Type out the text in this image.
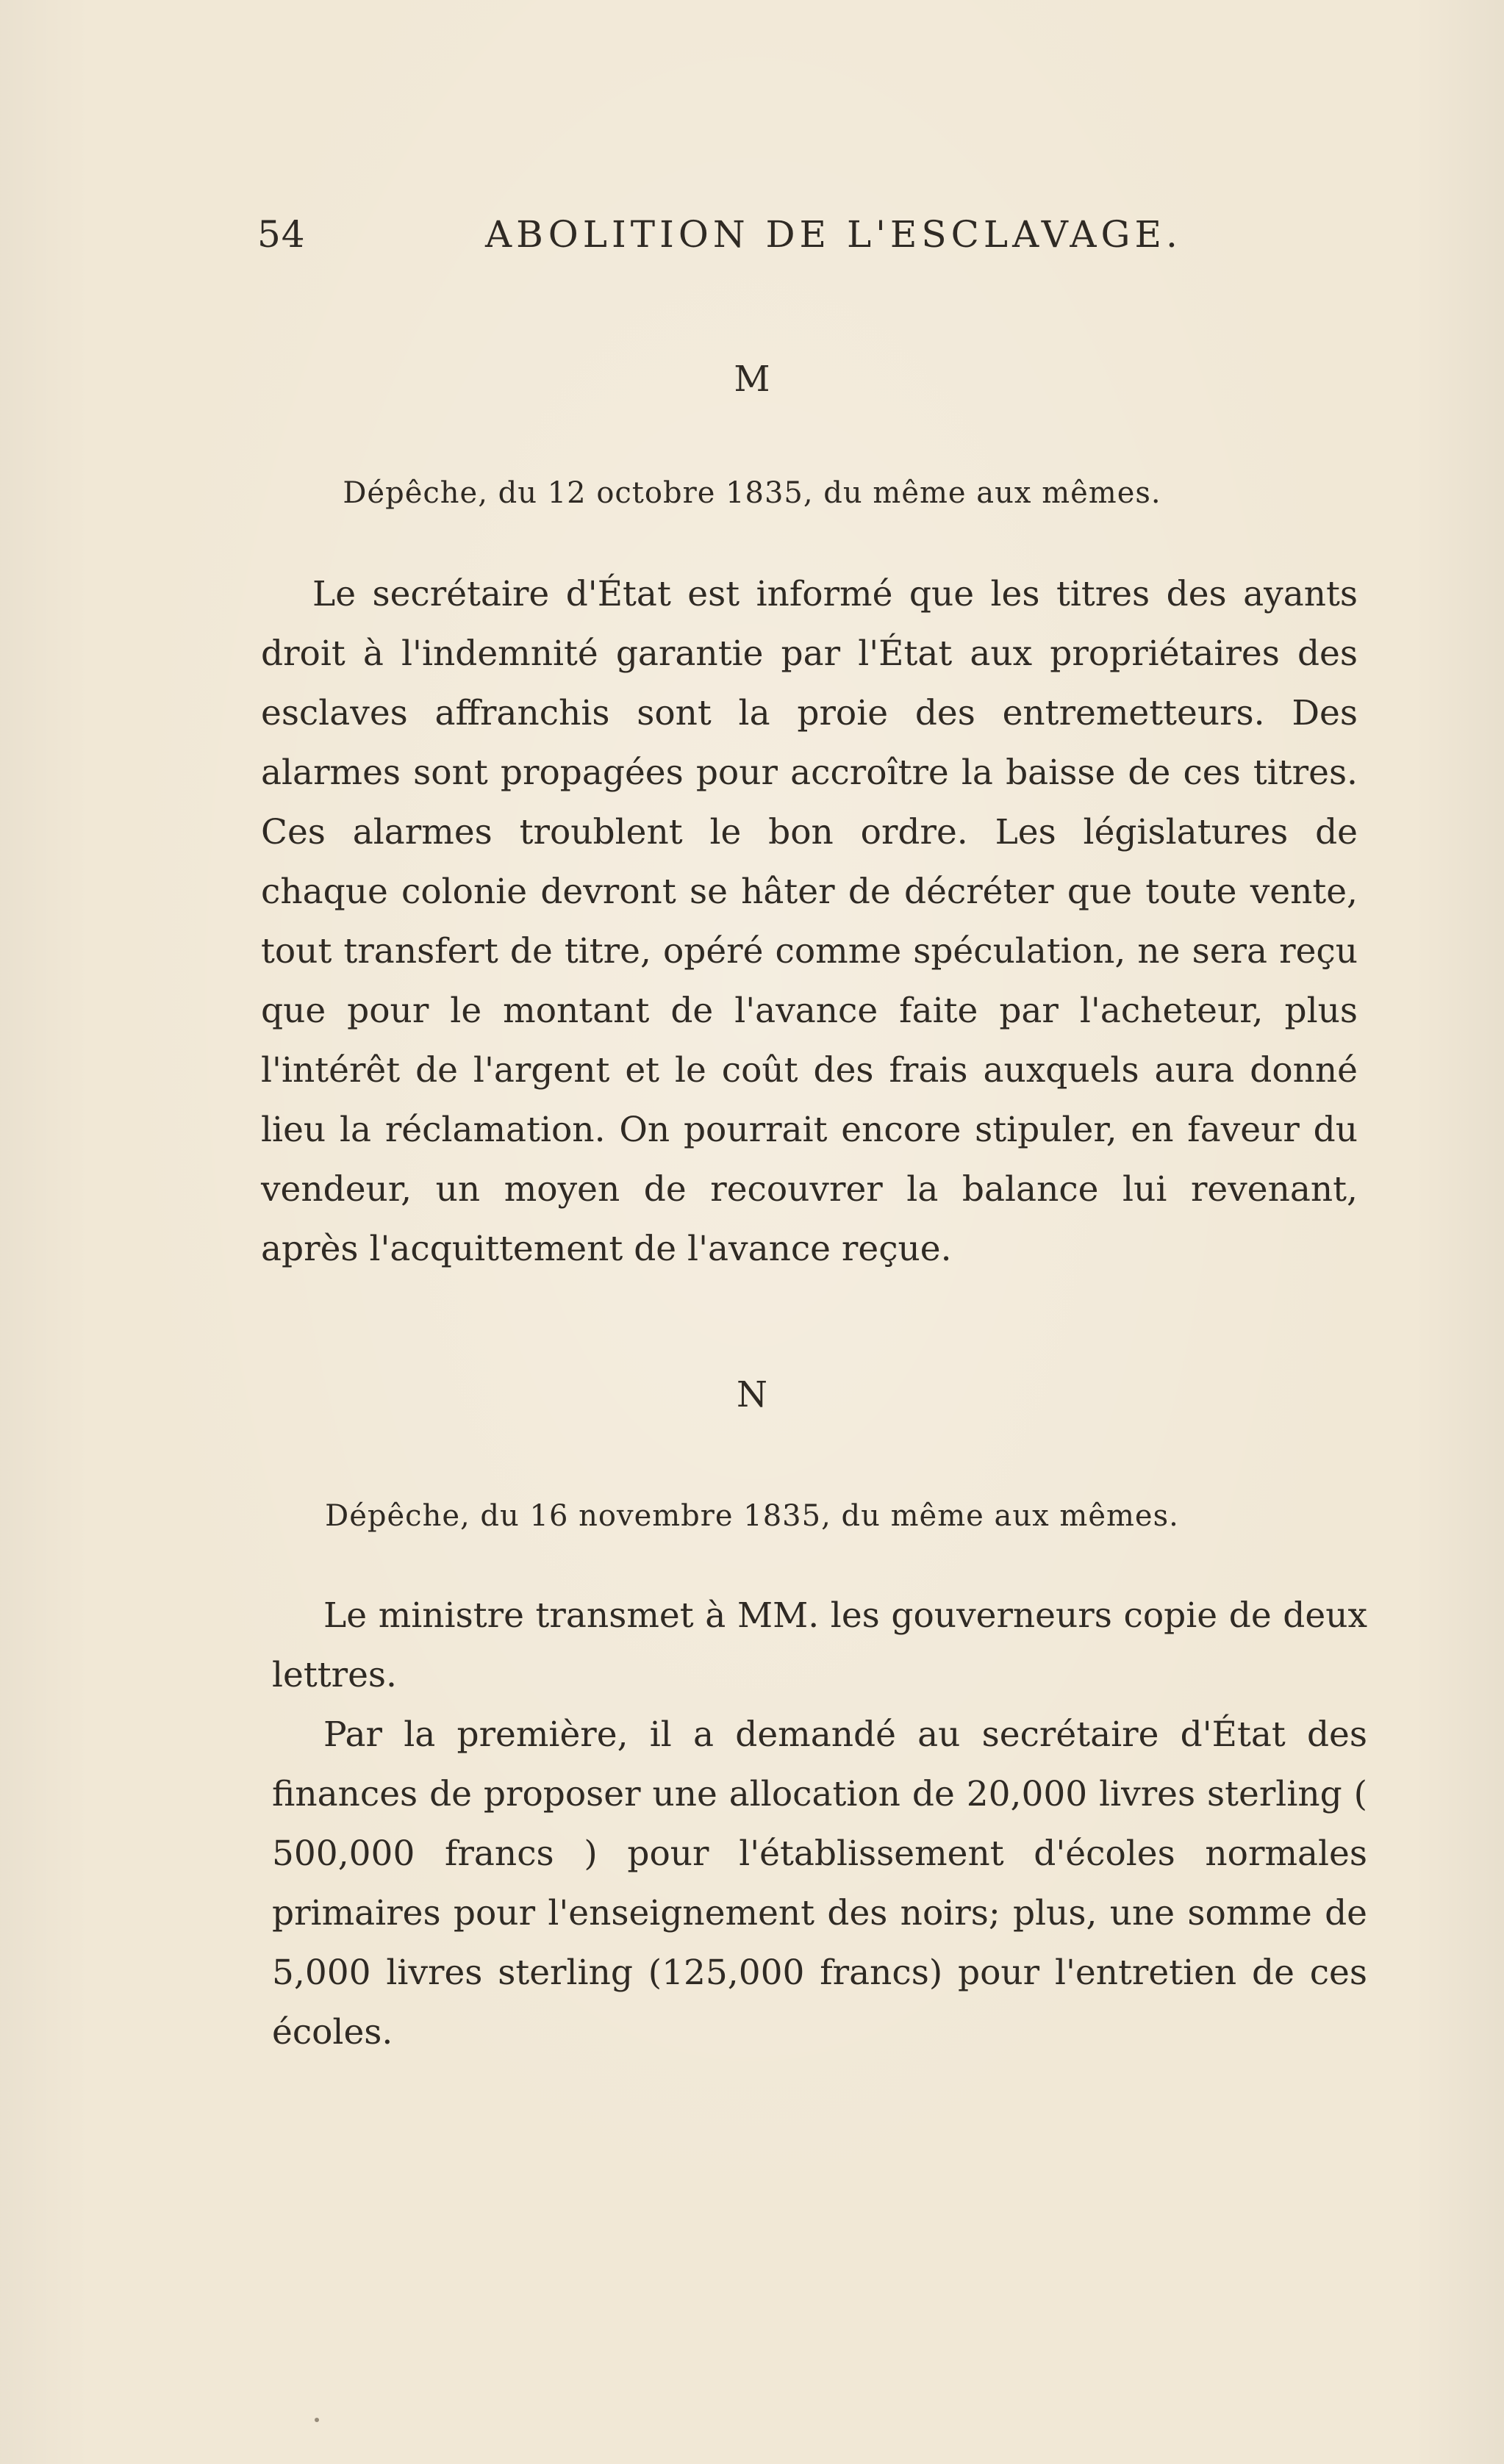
54	ABOLITION DE L'ESCLAVAGE.
M
Dépêche, du 12 octobre 1835, du même aux mêmes.

Le secrétaire d'État est informé que les titres des ayants droit à l'indemnité garantie par l'État aux propriétaires des esclaves affranchis sont la proie des entremetteurs. Des alarmes sont propagées pour accroître la baisse de ces titres. Ces alarmes troublent le bon ordre. Les législatures de chaque colonie devront se hâter de décréter que toute vente, tout transfert de titre, opéré comme spéculation, ne sera reçu que pour le montant de l'avance faite par l'acheteur, plus l'intérêt de l'argent et le coût des frais auxquels aura donné lieu la réclamation. On pourrait encore stipuler, en faveur du vendeur, un moyen de recouvrer la balance lui revenant, après l'acquittement de l'avance reçue.

N
Dépêche, du 16 novembre 1835, du même aux mêmes.

Le ministre transmet à MM. les gouverneurs copie de deux lettres.

Par la première, il a demandé au secrétaire d'État des finances de proposer une allocation de 20,000 livres sterling ( 500,000 francs ) pour l'établissement d'écoles normales primaires pour l'enseignement des noirs; plus, une somme de 5,000 livres sterling (125,000 francs) pour l'entretien de ces écoles.
